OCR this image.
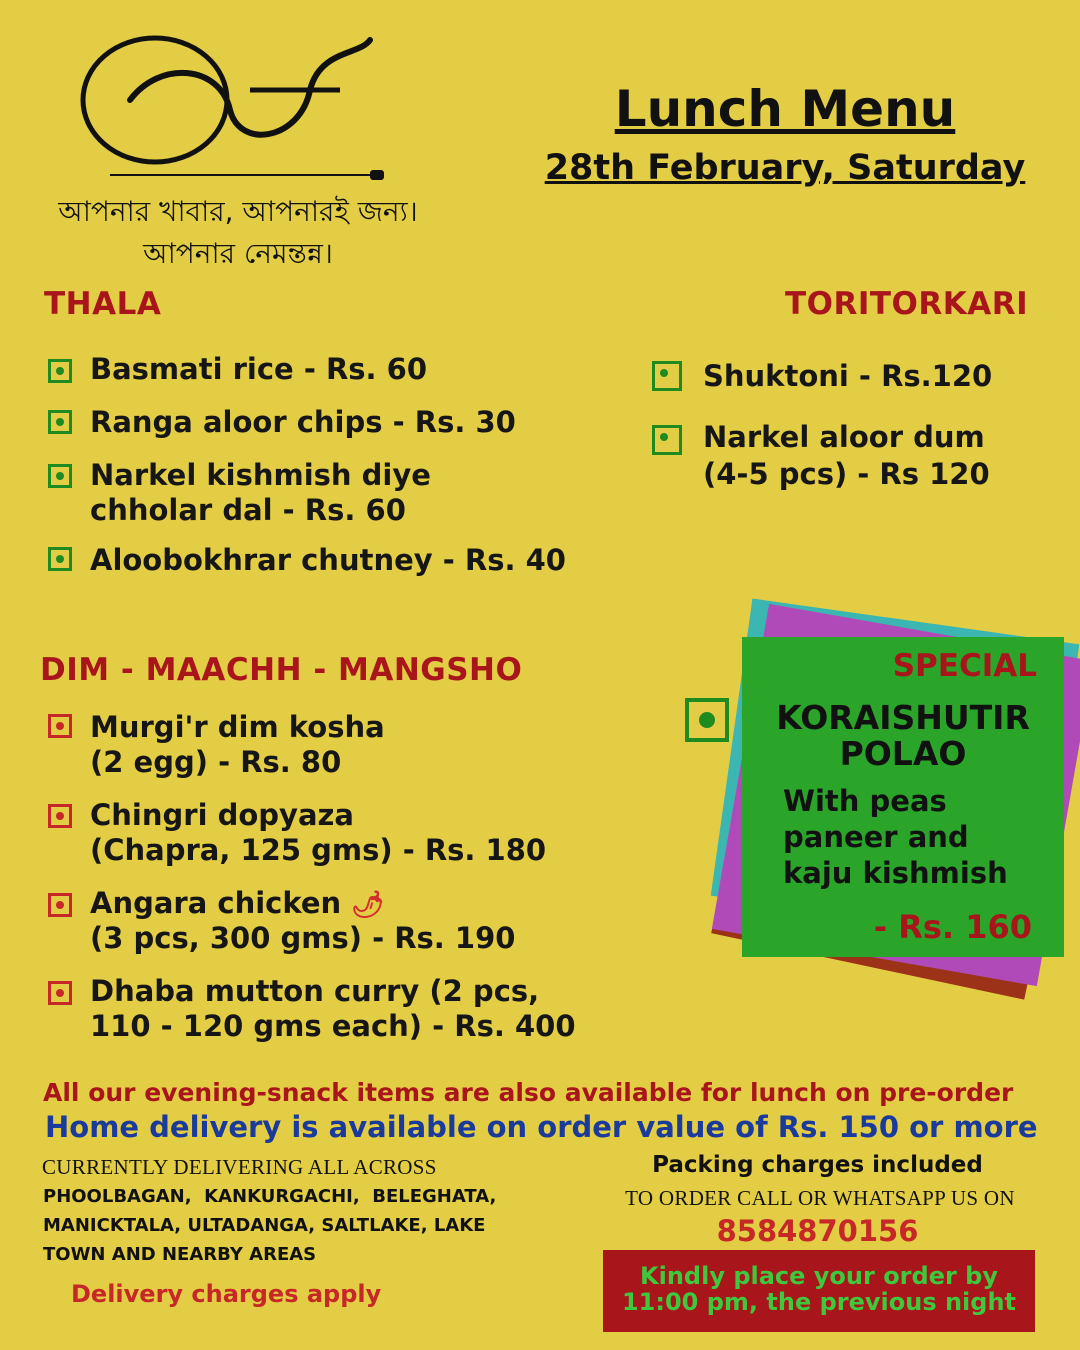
আপনার খাবার, আপনারই জন্য।
আপনার নেমন্তন্ন।
Lunch Menu
28th February, Saturday
THALA
Basmati rice - Rs. 60
Ranga aloor chips - Rs. 30
Narkel kishmish diye
chholar dal - Rs. 60
Aloobokhrar chutney - Rs. 40
TORITORKARI
Shuktoni - Rs.120
Narkel aloor dum
(4-5 pcs) - Rs 120
DIM - MAACHH - MANGSHO
Murgi'r dim kosha
(2 egg) - Rs. 80
Chingri dopyaza
(Chapra, 125 gms) - Rs. 180
Angara chicken 🌶
(3 pcs, 300 gms) - Rs. 190
Dhaba mutton curry (2 pcs,
110 - 120 gms each) - Rs. 400
SPECIAL
KORAISHUTIR
POLAO
With peas
paneer and
kaju kishmish
- Rs. 160
All our evening-snack items are also available for lunch on pre-order
Home delivery is available on order value of Rs. 150 or more
CURRENTLY DELIVERING ALL ACROSS
PHOOLBAGAN,  KANKURGACHI,  BELEGHATA,
MANICKTALA, ULTADANGA, SALTLAKE, LAKE
TOWN AND NEARBY AREAS
Delivery charges apply
Packing charges included
TO ORDER CALL OR WHATSAPP US ON
8584870156
Kindly place your order by
11:00 pm, the previous night
